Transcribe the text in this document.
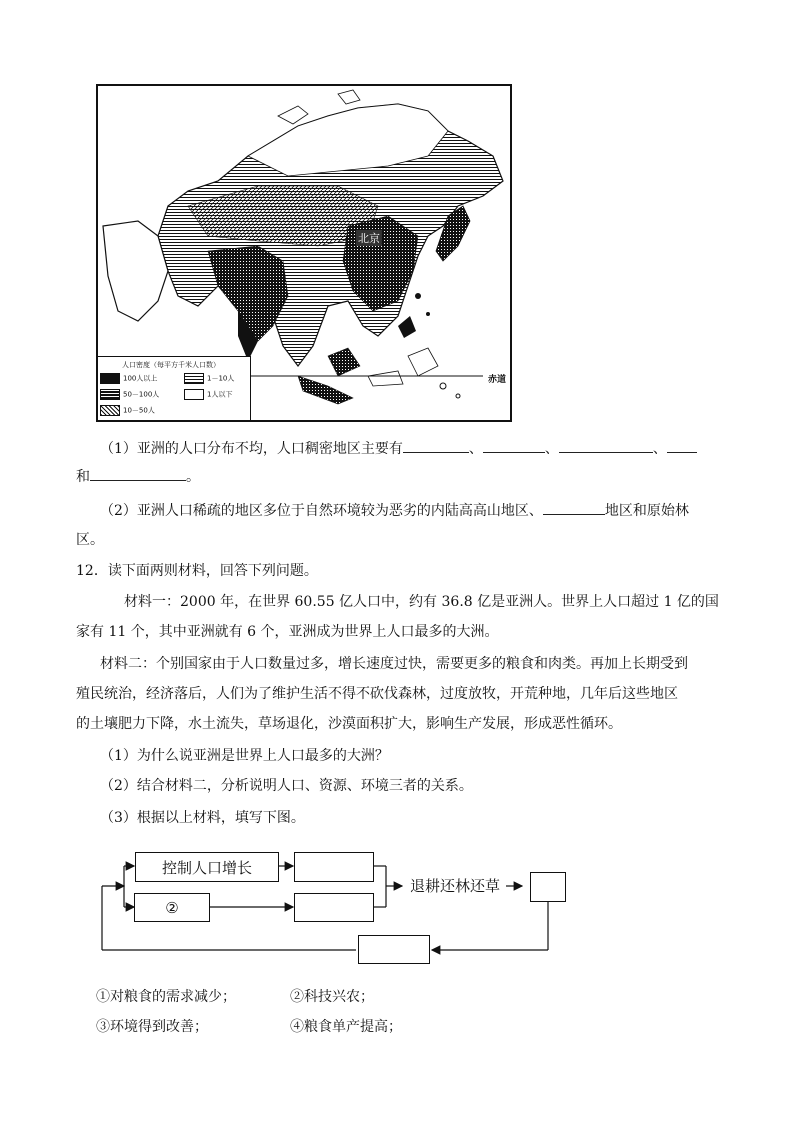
北京
赤道
人口密度（每平方千米人口数）
100人以上
50－100人
10－50人
1－10人
1人以下
（1）亚洲的人口分布不均，人口稠密地区主要有	、	、	、
和	。
（2）亚洲人口稀疏的地区多位于自然环境较为恶劣的内陆高高山地区、	地区和原始林
区。
12．读下面两则材料，回答下列问题。
材料一：2000 年，在世界 60.55 亿人口中，约有 36.8 亿是亚洲人。世界上人口超过 1 亿的国
家有 11 个，其中亚洲就有 6 个，亚洲成为世界上人口最多的大洲。
材料二：个别国家由于人口数量过多，增长速度过快，需要更多的粮食和肉类。再加上长期受到
殖民统治，经济落后，人们为了维护生活不得不砍伐森林，过度放牧，开荒种地，几年后这些地区
的土壤肥力下降，水土流失，草场退化，沙漠面积扩大，影响生产发展，形成恶性循环。
（1）为什么说亚洲是世界上人口最多的大洲？
（2）结合材料二，分析说明人口、资源、环境三者的关系。
（3）根据以上材料，填写下图。
控制人口增长
②
退耕还林还草
①对粮食的需求减少；	②科技兴农；
③环境得到改善；	④粮食单产提高；
